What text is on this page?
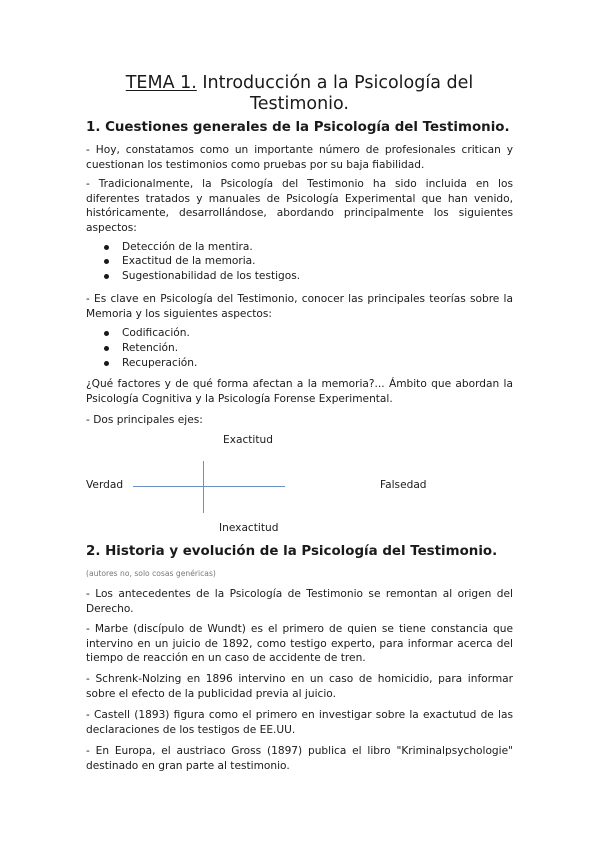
TEMA 1. Introducción a la Psicología del
Testimonio.
1. Cuestiones generales de la Psicología del Testimonio.
- Hoy, constatamos como un importante número de profesionales critican y cuestionan los testimonios como pruebas por su baja fiabilidad.
- Tradicionalmente, la Psicología del Testimonio ha sido incluida en los diferentes tratados y manuales de Psicología Experimental que han venido, históricamente, desarrollándose, abordando principalmente los siguientes aspectos:
Detección de la mentira.
Exactitud de la memoria.
Sugestionabilidad de los testigos.
- Es clave en Psicología del Testimonio, conocer las principales teorías sobre la Memoria y los siguientes aspectos:
Codificación.
Retención.
Recuperación.
¿Qué factores y de qué forma afectan a la memoria?... Ámbito que abordan la Psicología Cognitiva y la Psicología Forense Experimental.
- Dos principales ejes:
Exactitud
Verdad	Falsedad
Inexactitud
2. Historia y evolución de la Psicología del Testimonio.
(autores no, solo cosas genéricas)
- Los antecedentes de la Psicología de Testimonio se remontan al origen del Derecho.
- Marbe (discípulo de Wundt) es el primero de quien se tiene constancia que intervino en un juicio de 1892, como testigo experto, para informar acerca del tiempo de reacción en un caso de accidente de tren.
- Schrenk-Nolzing en 1896 intervino en un caso de homicidio, para informar sobre el efecto de la publicidad previa al juicio.
- Castell (1893) figura como el primero en investigar sobre la exactutud de las declaraciones de los testigos de EE.UU.
- En Europa, el austriaco Gross (1897) publica el libro "Kriminalpsychologie" destinado en gran parte al testimonio.
